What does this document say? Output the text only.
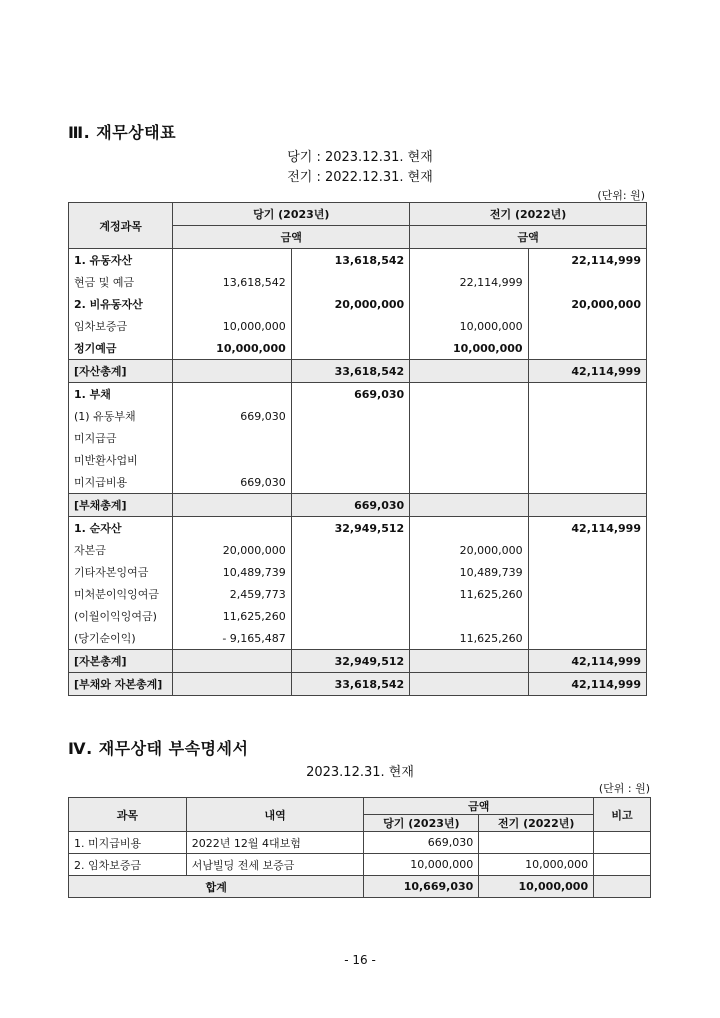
Ⅲ. 재무상태표
당기 : 2023.12.31. 현재
전기 : 2022.12.31. 현재
(단위: 원)
계정과목	당기 (2023년)		전기 (2022년)	
	금액		금액	
1. 유동자산		13,618,542		22,114,999
현금 및 예금	13,618,542		22,114,999	
2. 비유동자산		20,000,000		20,000,000
임차보증금	10,000,000		10,000,000	
정기예금	10,000,000		10,000,000	
[자산총계]		33,618,542		42,114,999
1. 부채		669,030		
(1) 유동부채	669,030			
미지급금				
미반환사업비				
미지급비용	669,030			
[부채총계]		669,030		
1. 순자산		32,949,512		42,114,999
자본금	20,000,000		20,000,000	
기타자본잉여금	10,489,739		10,489,739	
미처분이익잉여금	2,459,773		11,625,260	
(이월이익잉여금)	11,625,260			
(당기순이익)	- 9,165,487		11,625,260	
[자본총계]		32,949,512		42,114,999
[부채와 자본총계]		33,618,542		42,114,999
Ⅳ. 재무상태 부속명세서
2023.12.31. 현재
(단위 : 원)
과목	내역	금액		비고
		당기 (2023년)	전기 (2022년)	
1. 미지급비용	2022년 12월 4대보험	669,030		
2. 임차보증금	서남빌딩 전세 보증금	10,000,000	10,000,000	
합계		10,669,030	10,000,000	
- 16 -
